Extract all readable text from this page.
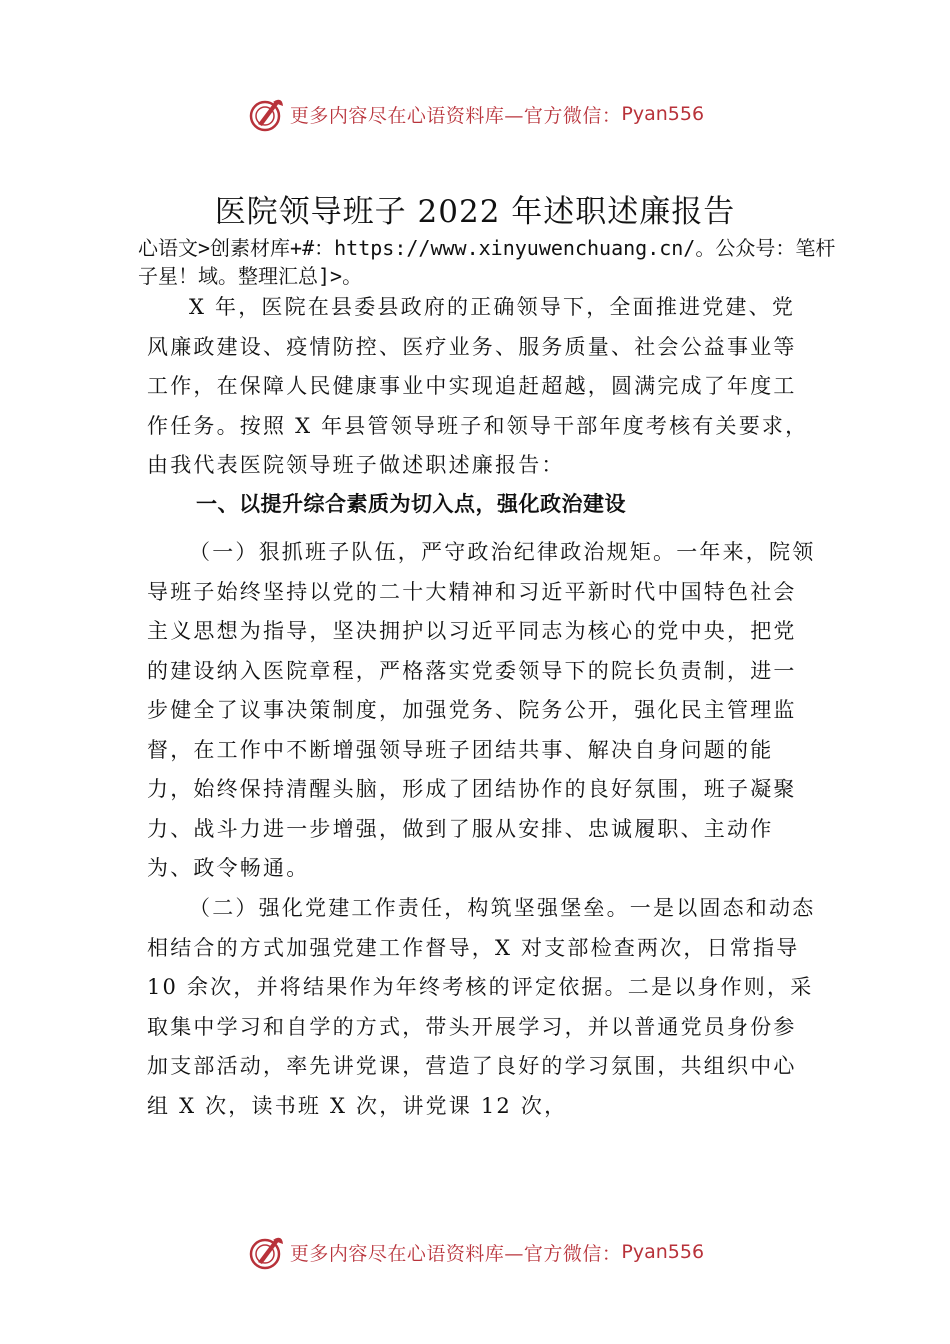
更多内容尽在心语资料库—官方微信： Pyan556
医院领导班子 2022 年述职述廉报告
心语文>创素材库+#：https://www.xinyuwenchuang.cn/。公众号：笔杆子星！域。整理汇总]>。

X 年，医院在县委县政府的正确领导下，全面推进党建、党风廉政建设、疫情防控、医疗业务、服务质量、社会公益事业等工作，在保障人民健康事业中实现追赶超越，圆满完成了年度工作任务。按照 X 年县管领导班子和领导干部年度考核有关要求，由我代表医院领导班子做述职述廉报告：

一、以提升综合素质为切入点，强化政治建设

（一）狠抓班子队伍，严守政治纪律政治规矩。一年来，院领导班子始终坚持以党的二十大精神和习近平新时代中国特色社会主义思想为指导，坚决拥护以习近平同志为核心的党中央，把党的建设纳入医院章程，严格落实党委领导下的院长负责制，进一步健全了议事决策制度，加强党务、院务公开，强化民主管理监督，在工作中不断增强领导班子团结共事、解决自身问题的能力，始终保持清醒头脑，形成了团结协作的良好氛围，班子凝聚力、战斗力进一步增强，做到了服从安排、忠诚履职、主动作为、政令畅通。

（二）强化党建工作责任，构筑坚强堡垒。一是以固态和动态相结合的方式加强党建工作督导，X 对支部检查两次，日常指导 10 余次，并将结果作为年终考核的评定依据。二是以身作则，采取集中学习和自学的方式，带头开展学习，并以普通党员身份参加支部活动，率先讲党课，营造了良好的学习氛围，共组织中心组 X 次，读书班 X 次，讲党课 12 次，

更多内容尽在心语资料库—官方微信： Pyan556
